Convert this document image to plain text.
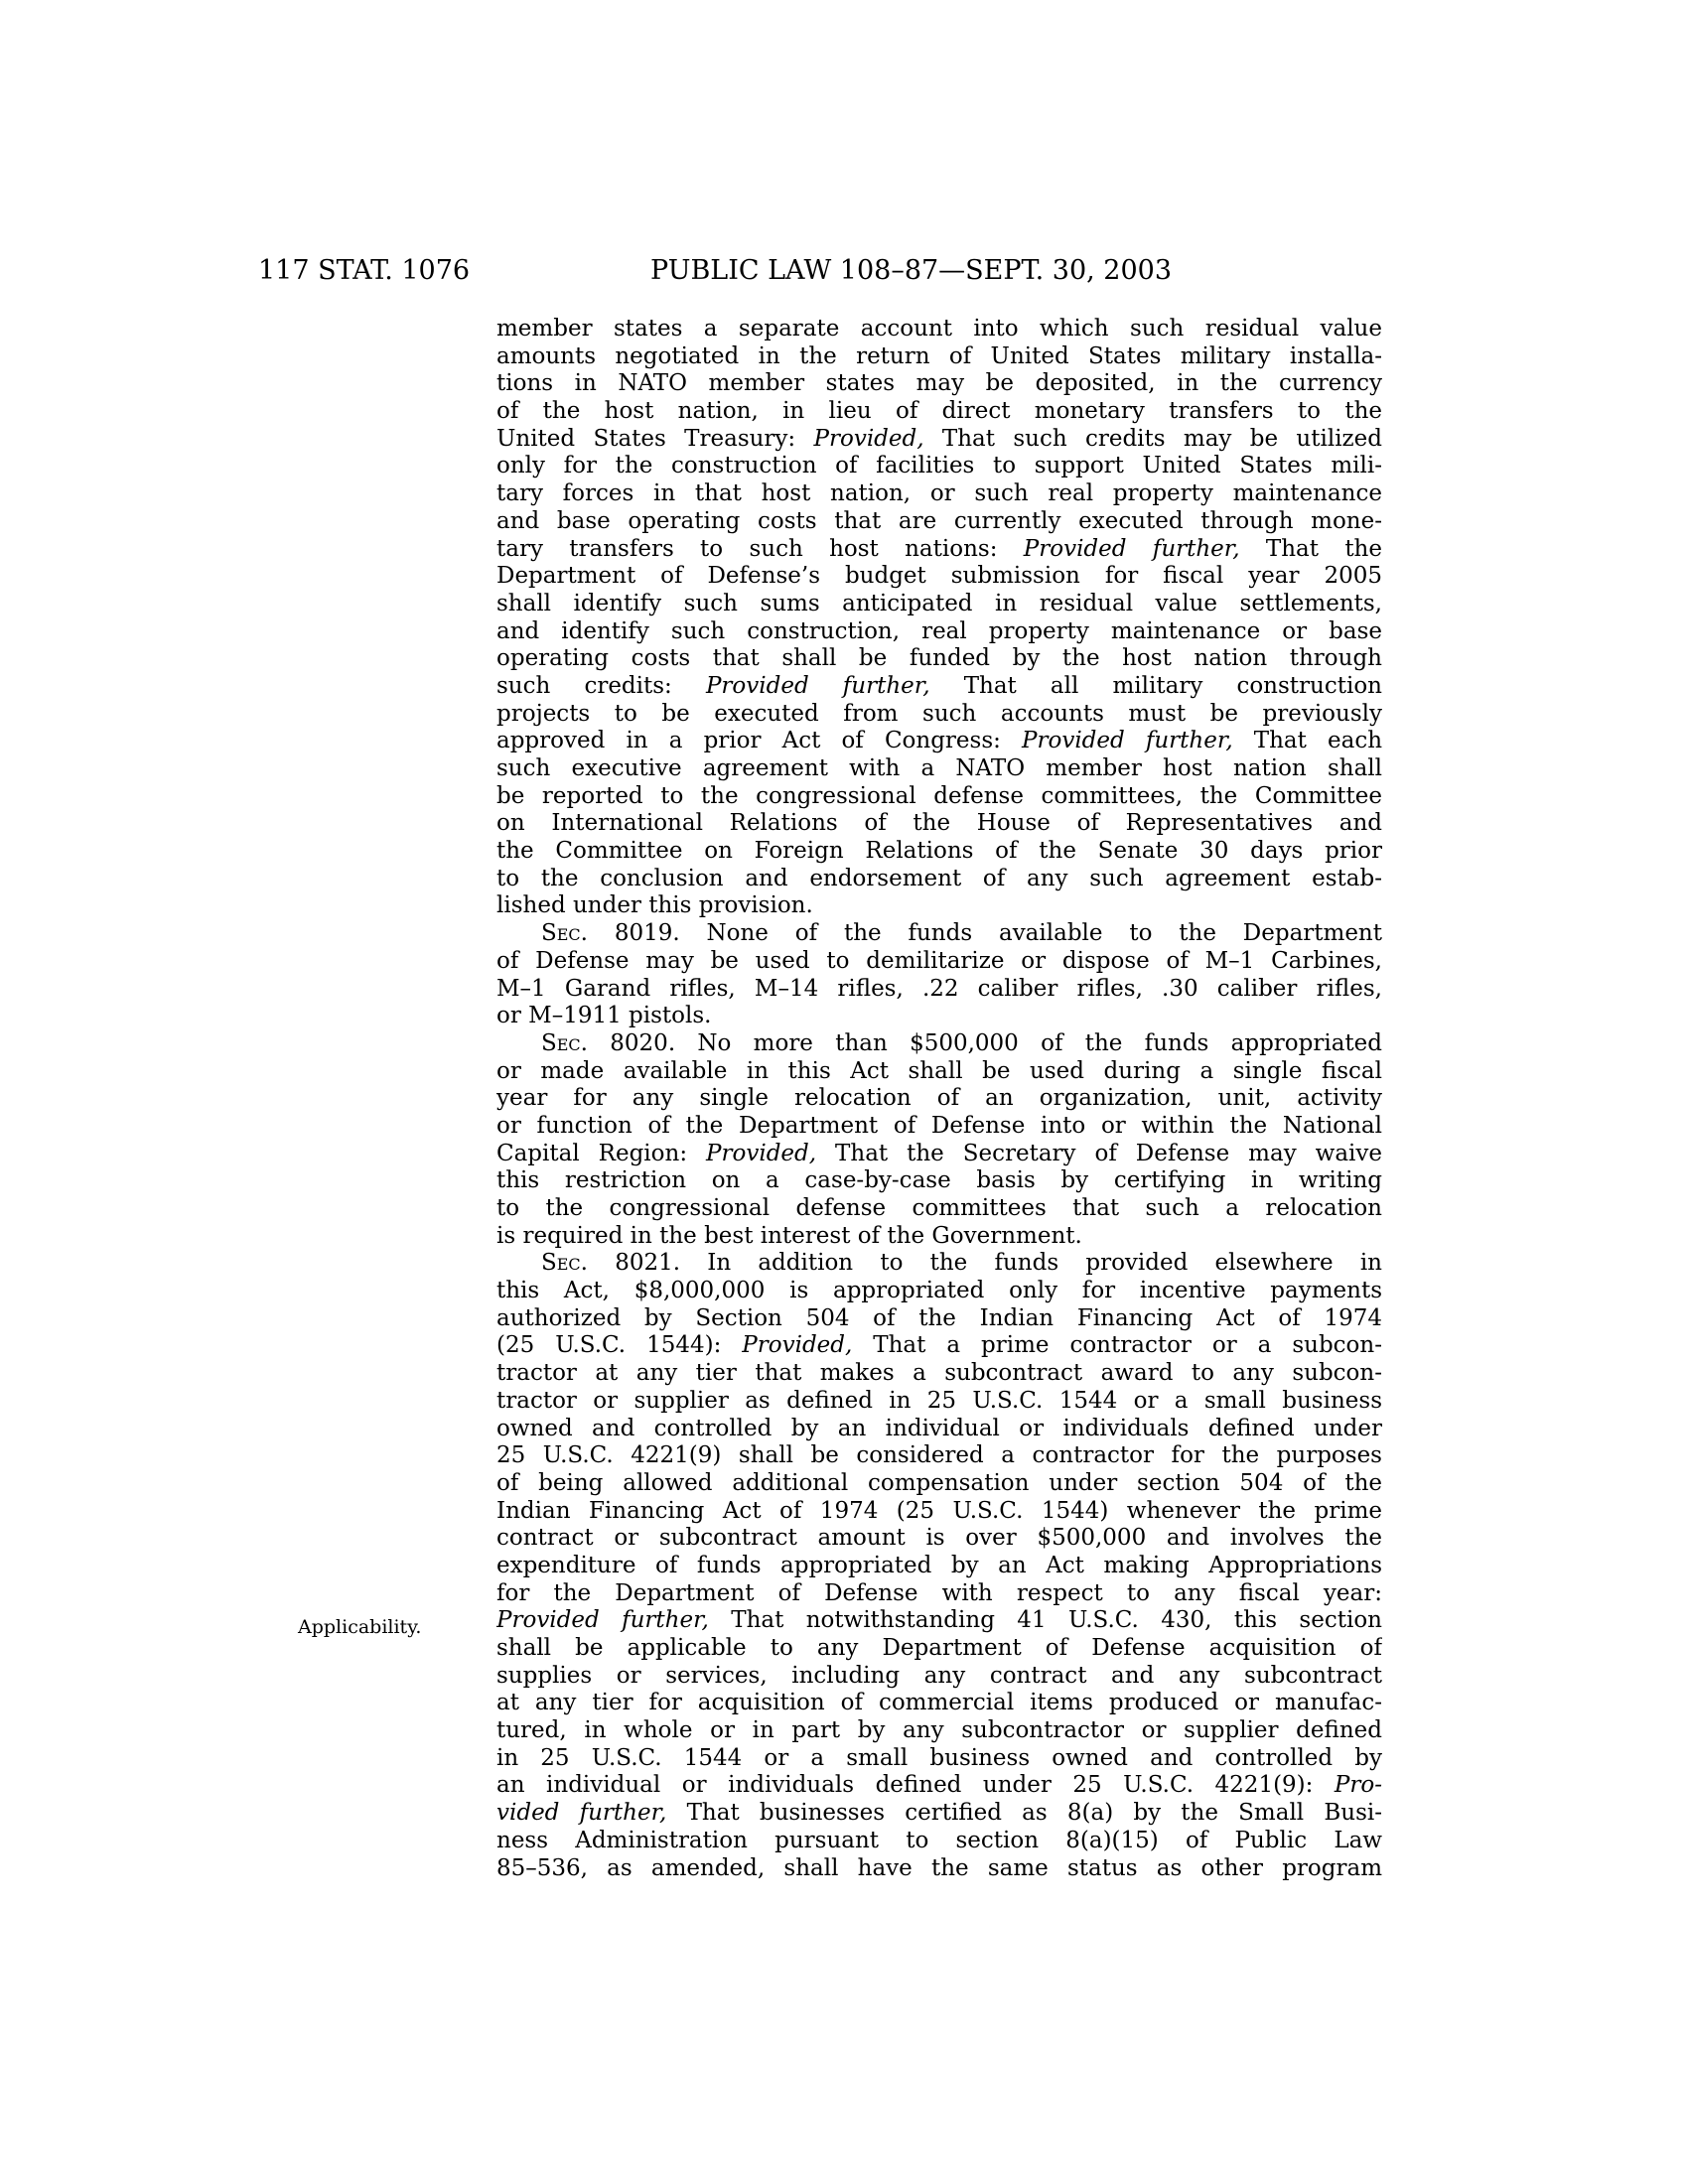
117 STAT. 1076	PUBLIC LAW 108–87—SEPT. 30, 2003
Applicability.
member states a separate account into which such residual value
amounts negotiated in the return of United States military installa-
tions in NATO member states may be deposited, in the currency
of the host nation, in lieu of direct monetary transfers to the
United States Treasury: Provided, That such credits may be utilized
only for the construction of facilities to support United States mili-
tary forces in that host nation, or such real property maintenance
and base operating costs that are currently executed through mone-
tary transfers to such host nations: Provided further, That the
Department of Defense’s budget submission for fiscal year 2005
shall identify such sums anticipated in residual value settlements,
and identify such construction, real property maintenance or base
operating costs that shall be funded by the host nation through
such credits: Provided further, That all military construction
projects to be executed from such accounts must be previously
approved in a prior Act of Congress: Provided further, That each
such executive agreement with a NATO member host nation shall
be reported to the congressional defense committees, the Committee
on International Relations of the House of Representatives and
the Committee on Foreign Relations of the Senate 30 days prior
to the conclusion and endorsement of any such agreement estab-
lished under this provision.
Sec. 8019. None of the funds available to the Department
of Defense may be used to demilitarize or dispose of M–1 Carbines,
M–1 Garand rifles, M–14 rifles, .22 caliber rifles, .30 caliber rifles,
or M–1911 pistols.
Sec. 8020. No more than $500,000 of the funds appropriated
or made available in this Act shall be used during a single fiscal
year for any single relocation of an organization, unit, activity
or function of the Department of Defense into or within the National
Capital Region: Provided, That the Secretary of Defense may waive
this restriction on a case-by-case basis by certifying in writing
to the congressional defense committees that such a relocation
is required in the best interest of the Government.
Sec. 8021. In addition to the funds provided elsewhere in
this Act, $8,000,000 is appropriated only for incentive payments
authorized by Section 504 of the Indian Financing Act of 1974
(25 U.S.C. 1544): Provided, That a prime contractor or a subcon-
tractor at any tier that makes a subcontract award to any subcon-
tractor or supplier as defined in 25 U.S.C. 1544 or a small business
owned and controlled by an individual or individuals defined under
25 U.S.C. 4221(9) shall be considered a contractor for the purposes
of being allowed additional compensation under section 504 of the
Indian Financing Act of 1974 (25 U.S.C. 1544) whenever the prime
contract or subcontract amount is over $500,000 and involves the
expenditure of funds appropriated by an Act making Appropriations
for the Department of Defense with respect to any fiscal year:
Provided further, That notwithstanding 41 U.S.C. 430, this section
shall be applicable to any Department of Defense acquisition of
supplies or services, including any contract and any subcontract
at any tier for acquisition of commercial items produced or manufac-
tured, in whole or in part by any subcontractor or supplier defined
in 25 U.S.C. 1544 or a small business owned and controlled by
an individual or individuals defined under 25 U.S.C. 4221(9): Pro-
vided further, That businesses certified as 8(a) by the Small Busi-
ness Administration pursuant to section 8(a)(15) of Public Law
85–536, as amended, shall have the same status as other program
